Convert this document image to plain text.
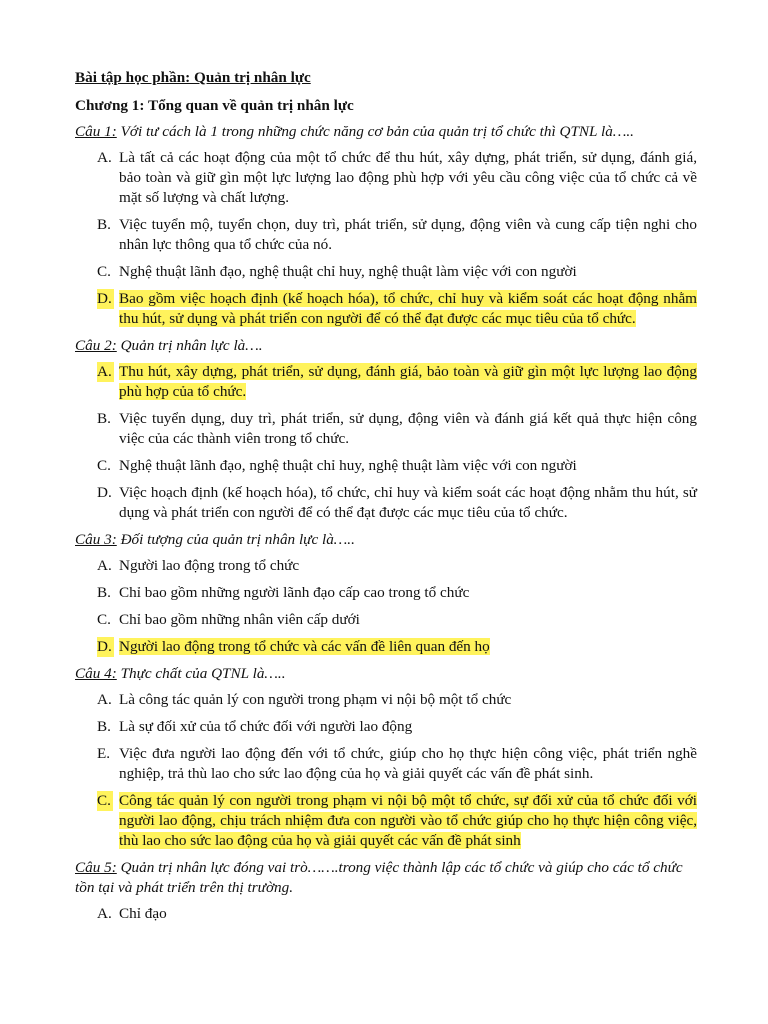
Bài tập học phần: Quản trị nhân lực
Chương 1: Tổng quan về quản trị nhân lực
Câu 1: Với tư cách là 1 trong những chức năng cơ bản của quản trị tổ chức thì QTNL là…..
A. Là tất cả các hoạt động của một tổ chức để thu hút, xây dựng, phát triển, sử dụng, đánh giá, bảo toàn và giữ gìn một lực lượng lao động phù hợp với yêu cầu công việc của tổ chức cả về mặt số lượng và chất lượng.
B. Việc tuyển mộ, tuyển chọn, duy trì, phát triển, sử dụng, động viên và cung cấp tiện nghi cho nhân lực thông qua tổ chức của nó.
C. Nghệ thuật lãnh đạo, nghệ thuật chỉ huy, nghệ thuật làm việc với con người
D. Bao gồm việc hoạch định (kế hoạch hóa), tổ chức, chỉ huy và kiểm soát các hoạt động nhằm thu hút, sử dụng và phát triển con người để có thể đạt được các mục tiêu của tổ chức.
Câu 2: Quản trị nhân lực là….
A. Thu hút, xây dựng, phát triển, sử dụng, đánh giá, bảo toàn và giữ gìn một lực lượng lao động phù hợp của tổ chức.
B. Việc tuyển dụng, duy trì, phát triển, sử dụng, động viên và đánh giá kết quả thực hiện công việc của các thành viên trong tổ chức.
C. Nghệ thuật lãnh đạo, nghệ thuật chỉ huy, nghệ thuật làm việc với con người
D. Việc hoạch định (kế hoạch hóa), tổ chức, chỉ huy và kiểm soát các hoạt động nhằm thu hút, sử dụng và phát triển con người để có thể đạt được các mục tiêu của tổ chức.
Câu 3: Đối tượng của quản trị nhân lực là…..
A. Người lao động trong tổ chức
B. Chỉ bao gồm những người lãnh đạo cấp cao trong tổ chức
C. Chỉ bao gồm những nhân viên cấp dưới
D. Người lao động trong tổ chức và các vấn đề liên quan đến họ
Câu 4: Thực chất của QTNL là…..
A. Là công tác quản lý con người trong phạm vi nội bộ một tổ chức
B. Là sự đối xử của tổ chức đối với người lao động
E. Việc đưa người lao động đến với tổ chức, giúp cho họ thực hiện công việc, phát triển nghề nghiệp, trả thù lao cho sức lao động của họ và giải quyết các vấn đề phát sinh.
C. Công tác quản lý con người trong phạm vi nội bộ một tổ chức, sự đối xử của tổ chức đối với người lao động, chịu trách nhiệm đưa con người vào tổ chức giúp cho họ thực hiện công việc, thù lao cho sức lao động của họ và giải quyết các vấn đề phát sinh
Câu 5: Quản trị nhân lực đóng vai trò…….trong việc thành lập các tổ chức và giúp cho các tổ chức tồn tại và phát triển trên thị trường.
A. Chỉ đạo
